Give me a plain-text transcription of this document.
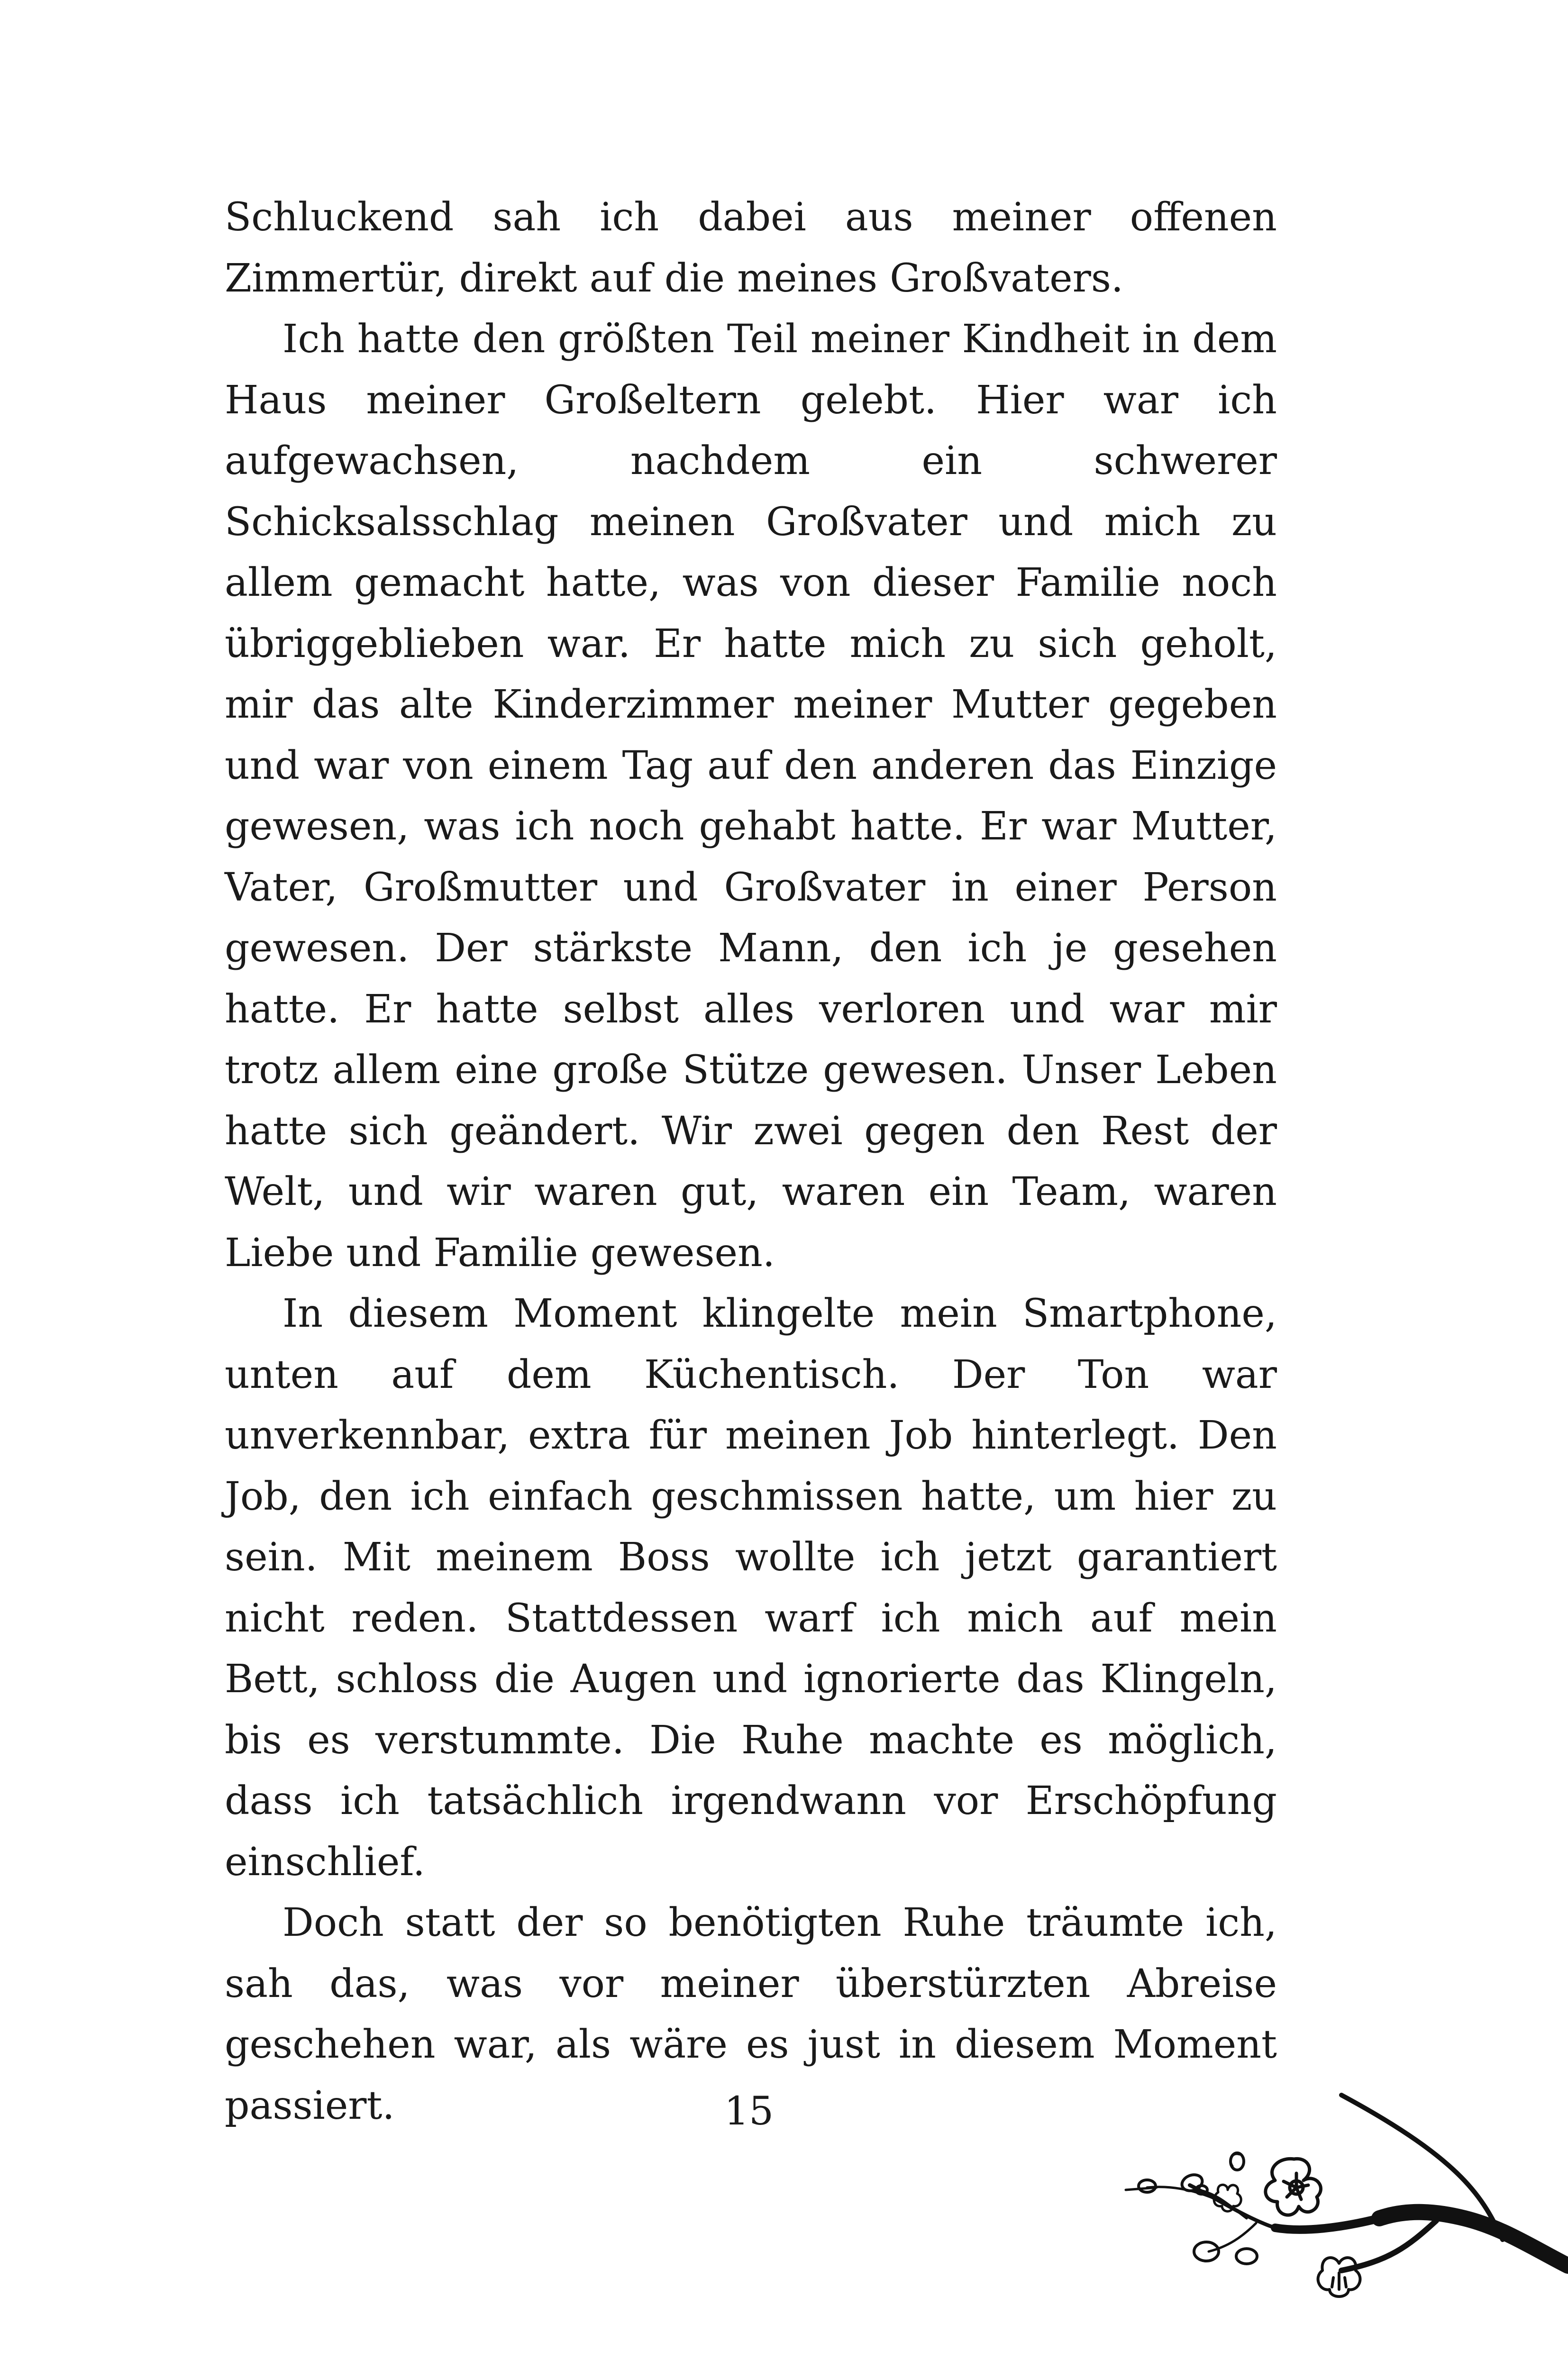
Schluckend sah ich dabei aus meiner offenen Zimmertür, direkt auf die meines Großvaters.

Ich hatte den größten Teil meiner Kindheit in dem Haus meiner Großeltern gelebt. Hier war ich aufgewachsen, nachdem ein schwerer Schicksalsschlag meinen Großvater und mich zu allem gemacht hatte, was von dieser Familie noch übriggeblieben war. Er hatte mich zu sich geholt, mir das alte Kinderzimmer meiner Mutter gegeben und war von einem Tag auf den anderen das Einzige gewesen, was ich noch gehabt hatte. Er war Mutter, Vater, Großmutter und Großvater in einer Person gewesen. Der stärkste Mann, den ich je gesehen hatte. Er hatte selbst alles verloren und war mir trotz allem eine große Stütze gewesen. Unser Leben hatte sich geändert. Wir zwei gegen den Rest der Welt, und wir waren gut, waren ein Team, waren Liebe und Familie gewesen.

In diesem Moment klingelte mein Smartphone, unten auf dem Küchentisch. Der Ton war unverkennbar, extra für meinen Job hinterlegt. Den Job, den ich einfach geschmissen hatte, um hier zu sein. Mit meinem Boss wollte ich jetzt garantiert nicht reden. Stattdessen warf ich mich auf mein Bett, schloss die Augen und ignorierte das Klingeln, bis es verstummte. Die Ruhe machte es möglich, dass ich tatsächlich irgendwann vor Erschöpfung einschlief.

Doch statt der so benötigten Ruhe träumte ich, sah das, was vor meiner überstürzten Abreise geschehen war, als wäre es just in diesem Moment passiert.	15
